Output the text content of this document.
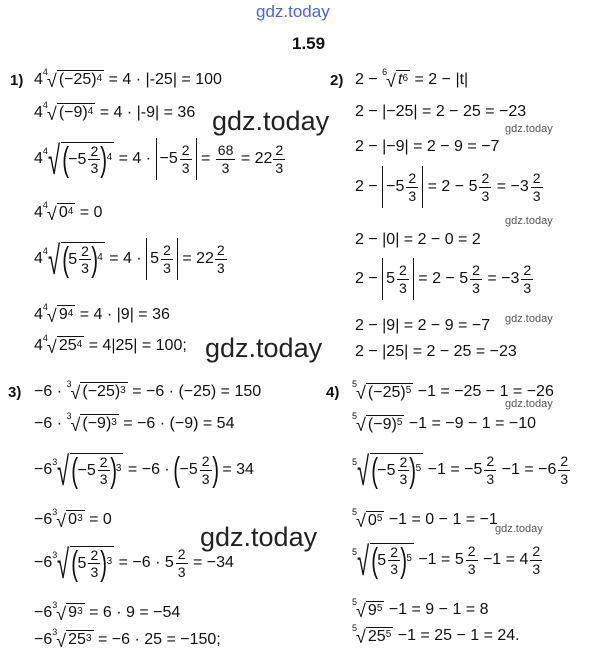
gdz.today
1.59
gdz.today
gdz.today
gdz.today
gdz.today
gdz.today
gdz.today
gdz.today
gdz.today
1)	2)
3)	4)
4 4 √ $(-25)^4$
= 4 · |-25| = 100
4 4 √ $(-9)^4$
= 4 · |-9| = 36
4 4 √ ( $-5 \frac{2}{3} )^4 = 4 \cdot -5 \frac{2}{3} = \frac{68}{3}$
= $22 \frac{2}{3}$
4 4 √ $0^4$
= 0
4 4 √ ( $5 \frac{2}{3} )^4 = 4 \cdot 5 \frac{2}{3}$
= $22 \frac{2}{3}$
4 4 √ $9^4$
= 4 · |9| = 36
4 4 √ $25^4$
= 4|25| = 100;
2 − 6 √ $t^6$
= 2 − |t|
2 − |−25| = 2 − 25 = −23
2 − |−9| = 2 − 9 = −7
$2 - -5 \frac{2}{3} = 2 - 5 \frac{2}{3} = -3 \frac{2}{3}$
2 − |0| = 2 − 0 = 2
$2 - 5 \frac{2}{3} = 2 - 5 \frac{2}{3} = -3 \frac{2}{3}$
2 − |9| = 2 − 9 = −7
2 − |25| = 2 − 25 = −23
−6 · 3 √ $(-25)^3$
= −6 · (−25) = 150
−6 · 3 √ $(-9)^3$
= −6 · (−9) = 54
−6 3 √ ( $-5 \frac{2}{3} )^3 = -6$ · ( $-5 \frac{2}{3}$ )
= 34
−6 3 √ $0^3$
= 0
−6 3 √ ( $5 \frac{2}{3} )^3 = -6 \cdot 5 \frac{2}{3}$
= −34
−6 3 √ $9^3$
= 6 · 9 = −54
−6 3 √ $25^3$
= −6 · 25 = −150;
5 √ $(-25)^5$
−1 = −25 − 1 = −26
5 √ $(-9)^5$
−1 = −9 − 1 = −10
5 √ ( $-5 \frac{2}{3} )^5 -1 = -5 \frac{2}{3} -1 = -6 \frac{2}{3}$
5 √ $0^5$
−1 = 0 − 1 = −1
5 √ ( $5 \frac{2}{3} )^5 -1 = 5 \frac{2}{3} -1 = 4 \frac{2}{3}$
5 √ $9^5$
−1 = 9 − 1 = 8
5 √ $25^5$
−1 = 25 − 1 = 24.
